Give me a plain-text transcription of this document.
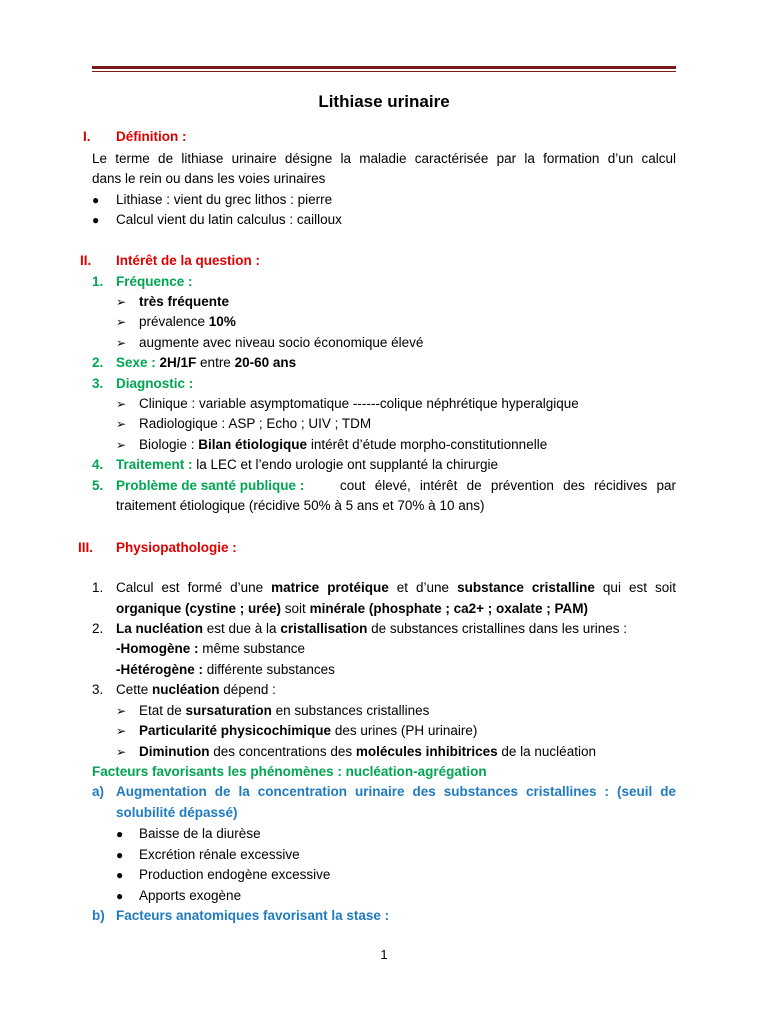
Lithiase urinaire
I. Définition :
Le terme de lithiase urinaire désigne la maladie caractérisée par la formation d’un calcul
dans le rein ou dans les voies urinaires
● Lithiase : vient du grec lithos : pierre
● Calcul vient du latin calculus : cailloux
II. Intérêt de la question :
1. Fréquence :
➢ très fréquente
➢ prévalence 10%
➢ augmente avec niveau socio économique élevé
2. Sexe : 2H/1F entre 20-60 ans
3. Diagnostic :
➢ Clinique : variable asymptomatique ------colique néphrétique hyperalgique
➢ Radiologique : ASP ; Echo ; UIV ; TDM
➢ Biologie : Bilan étiologique intérêt d’étude morpho-constitutionnelle
4. Traitement : la LEC et l’endo urologie ont supplanté la chirurgie
5. Problème de santé publique :	cout élevé, intérêt de prévention des récidives par
traitement étiologique (récidive 50% à 5 ans et 70% à 10 ans)
III. Physiopathologie :
1. Calcul est formé d’une matrice protéique et d’une substance cristalline qui est soit
organique (cystine ; urée) soit minérale (phosphate ; ca2+ ; oxalate ; PAM)
2. La nucléation est due à la cristallisation de substances cristallines dans les urines :
-Homogène : même substance
-Hétérogène : différente substances
3. Cette nucléation dépend :
➢ Etat de sursaturation en substances cristallines
➢ Particularité physicochimique des urines (PH urinaire)
➢ Diminution des concentrations des molécules inhibitrices de la nucléation
Facteurs favorisants les phénomènes : nucléation-agrégation
a) Augmentation de la concentration urinaire des substances cristallines : (seuil de
solubilité dépassé)
● Baisse de la diurèse
● Excrétion rénale excessive
● Production endogène excessive
● Apports exogène
b) Facteurs anatomiques favorisant la stase :
1
